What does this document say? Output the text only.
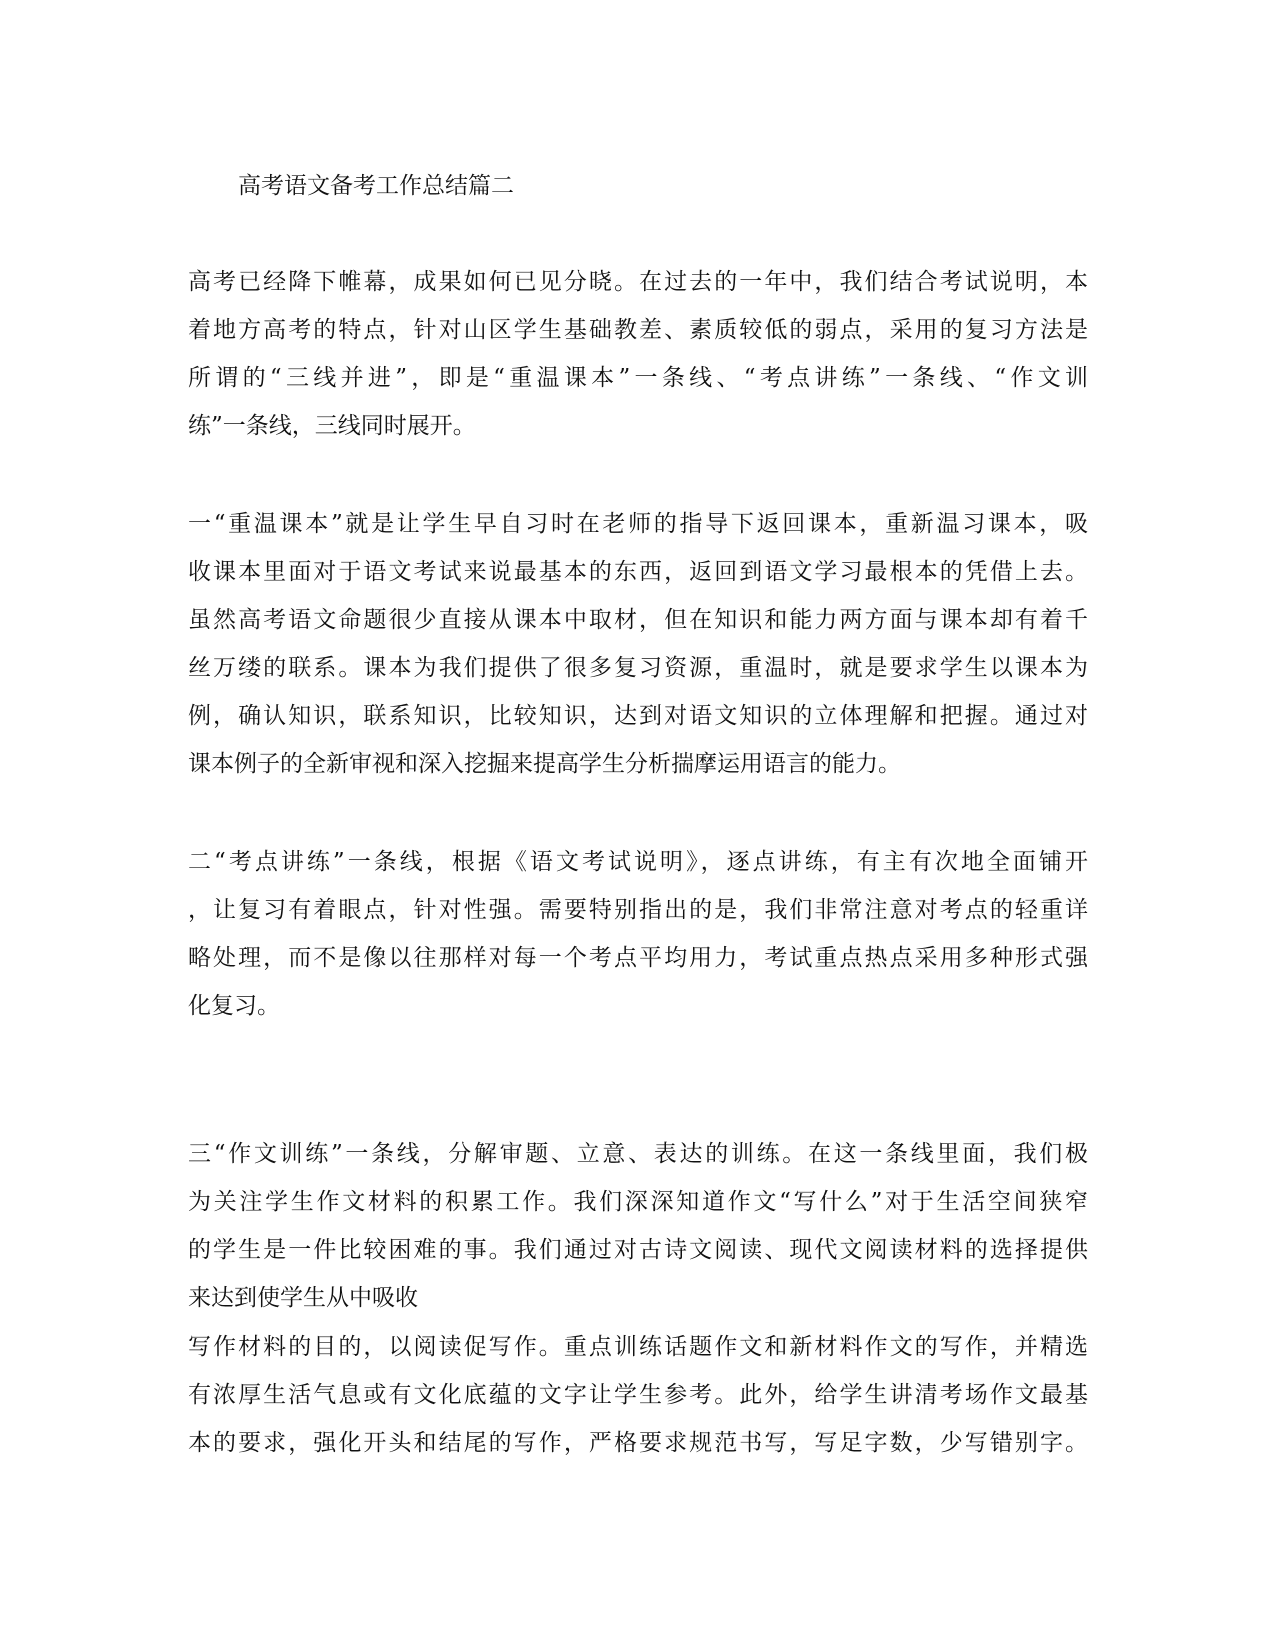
高考语文备考工作总结篇二
高考已经降下帷幕，成果如何已见分晓。在过去的一年中，我们结合考试说明，本
着地方高考的特点，针对山区学生基础教差、素质较低的弱点，采用的复习方法是
所谓的“三线并进”，即是“重温课本”一条线、“考点讲练”一条线、“作文训
练”一条线，三线同时展开。
一“重温课本”就是让学生早自习时在老师的指导下返回课本，重新温习课本，吸
收课本里面对于语文考试来说最基本的东西，返回到语文学习最根本的凭借上去。
虽然高考语文命题很少直接从课本中取材，但在知识和能力两方面与课本却有着千
丝万缕的联系。课本为我们提供了很多复习资源，重温时，就是要求学生以课本为
例，确认知识，联系知识，比较知识，达到对语文知识的立体理解和把握。通过对
课本例子的全新审视和深入挖掘来提高学生分析揣摩运用语言的能力。
二“考点讲练”一条线，根据《语文考试说明》，逐点讲练，有主有次地全面铺开
，让复习有着眼点，针对性强。需要特别指出的是，我们非常注意对考点的轻重详
略处理，而不是像以往那样对每一个考点平均用力，考试重点热点采用多种形式强
化复习。
三“作文训练”一条线，分解审题、立意、表达的训练。在这一条线里面，我们极
为关注学生作文材料的积累工作。我们深深知道作文“写什么”对于生活空间狭窄
的学生是一件比较困难的事。我们通过对古诗文阅读、现代文阅读材料的选择提供
来达到使学生从中吸收
写作材料的目的，以阅读促写作。重点训练话题作文和新材料作文的写作，并精选
有浓厚生活气息或有文化底蕴的文字让学生参考。此外，给学生讲清考场作文最基
本的要求，强化开头和结尾的写作，严格要求规范书写，写足字数，少写错别字。
